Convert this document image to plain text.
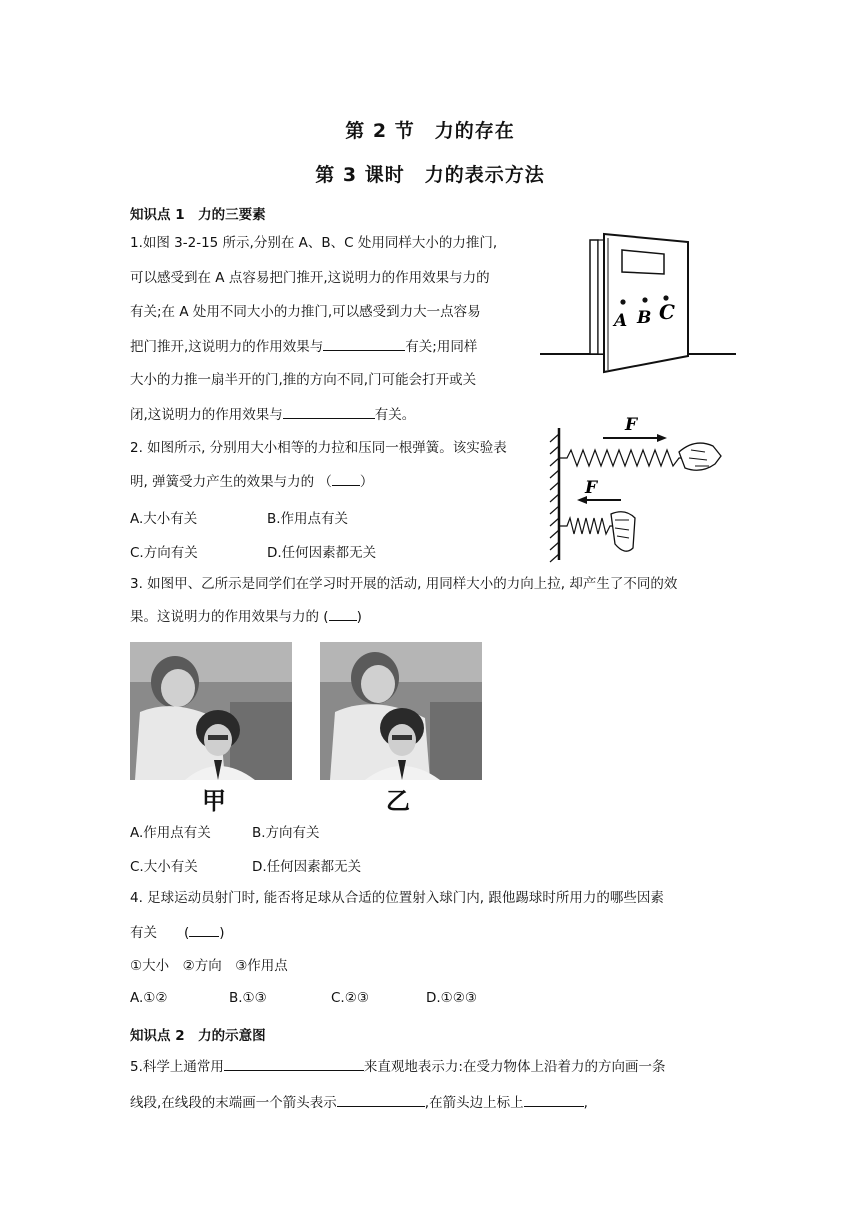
第 2 节　力的存在
第 3 课时　力的表示方法
知识点 1　力的三要素
1.如图 3-2-15 所示,分别在 A、B、C 处用同样大小的力推门,
可以感受到在 A 点容易把门推开,这说明力的作用效果与力的
有关;在 A 处用不同大小的力推门,可以感受到力大一点容易
把门推开,这说明力的作用效果与	有关;用同样
大小的力推一扇半开的门,推的方向不同,门可能会打开或关
闭,这说明力的作用效果与	有关。
A B C
2. 如图所示, 分别用大小相等的力拉和压同一根弹簧。该实验表
明, 弹簧受力产生的效果与力的 （ ）
A.大小有关	B.作用点有关
C.方向有关	D.任何因素都无关
F
F
3. 如图甲、乙所示是同学们在学习时开展的活动, 用同样大小的力向上拉, 却产生了不同的效
果。这说明力的作用效果与力的 ( )
甲	乙
A.作用点有关	B.方向有关
C.大小有关	D.任何因素都无关
4. 足球运动员射门时, 能否将足球从合适的位置射入球门内, 跟他踢球时所用力的哪些因素
有关　　( )
①大小　②方向　③作用点
A.①②	B.①③	C.②③	D.①②③
知识点 2　力的示意图
5.科学上通常用	来直观地表示力:在受力物体上沿着力的方向画一条
线段,在线段的末端画一个箭头表示	,在箭头边上标上	,
